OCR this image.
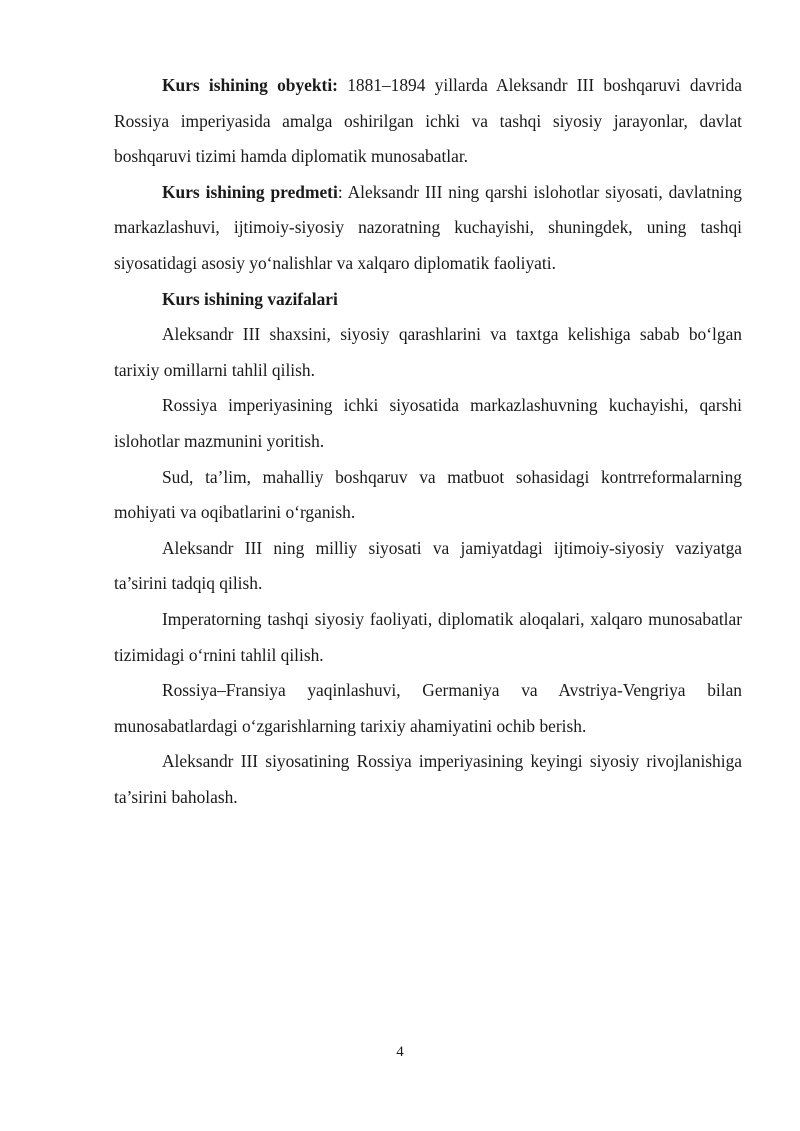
Kurs ishining obyekti: 1881–1894 yillarda Aleksandr III boshqaruvi davrida Rossiya imperiyasida amalga oshirilgan ichki va tashqi siyosiy jarayonlar, davlat boshqaruvi tizimi hamda diplomatik munosabatlar.

Kurs ishining predmeti: Aleksandr III ning qarshi islohotlar siyosati, davlatning markazlashuvi, ijtimoiy-siyosiy nazoratning kuchayishi, shuningdek, uning tashqi siyosatidagi asosiy yo‘nalishlar va xalqaro diplomatik faoliyati.

Kurs ishining vazifalari

Aleksandr III shaxsini, siyosiy qarashlarini va taxtga kelishiga sabab bo‘lgan tarixiy omillarni tahlil qilish.

Rossiya imperiyasining ichki siyosatida markazlashuvning kuchayishi, qarshi islohotlar mazmunini yoritish.

Sud, ta’lim, mahalliy boshqaruv va matbuot sohasidagi kontrreformalarning mohiyati va oqibatlarini o‘rganish.

Aleksandr III ning milliy siyosati va jamiyatdagi ijtimoiy-siyosiy vaziyatga ta’sirini tadqiq qilish.

Imperatorning tashqi siyosiy faoliyati, diplomatik aloqalari, xalqaro munosabatlar tizimidagi o‘rnini tahlil qilish.

Rossiya–Fransiya yaqinlashuvi, Germaniya va Avstriya-Vengriya bilan munosabatlardagi o‘zgarishlarning tarixiy ahamiyatini ochib berish.

Aleksandr III siyosatining Rossiya imperiyasining keyingi siyosiy rivojlanishiga ta’sirini baholash.

4
